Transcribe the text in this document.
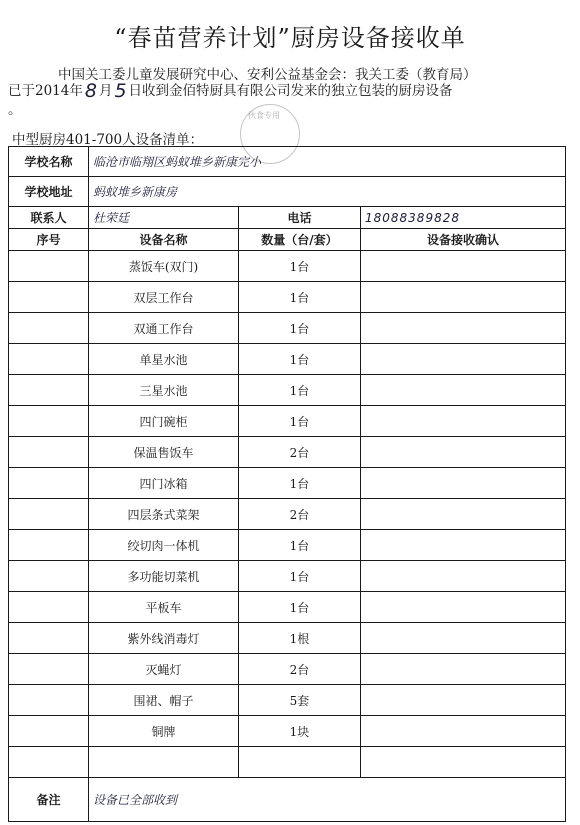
“春苗营养计划”厨房设备接收单
中国关工委儿童发展研究中心、安利公益基金会：我关工委（教育局）
已于2014年 8 月 5 日收到金佰特厨具有限公司发来的独立包装的厨房设备
。	伙食专用
中型厨房401-700人设备清单：
学校名称	临沧市临翔区蚂蚁堆乡新康完小		
学校地址	蚂蚁堆乡新康房		
联系人	杜荣廷	电话	18088389828
序号	设备名称	数量（台/套）	设备接收确认
	蒸饭车(双门)	1台	
	双层工作台	1台	
	双通工作台	1台	
	单星水池	1台	
	三星水池	1台	
	四门碗柜	1台	
	保温售饭车	2台	
	四门冰箱	1台	
	四层条式菜架	2台	
	绞切肉一体机	1台	
	多功能切菜机	1台	
	平板车	1台	
	紫外线消毒灯	1根	
	灭蝇灯	2台	
	围裙、帽子	5套	
	铜牌	1块	

备注	设备已全部收到		
